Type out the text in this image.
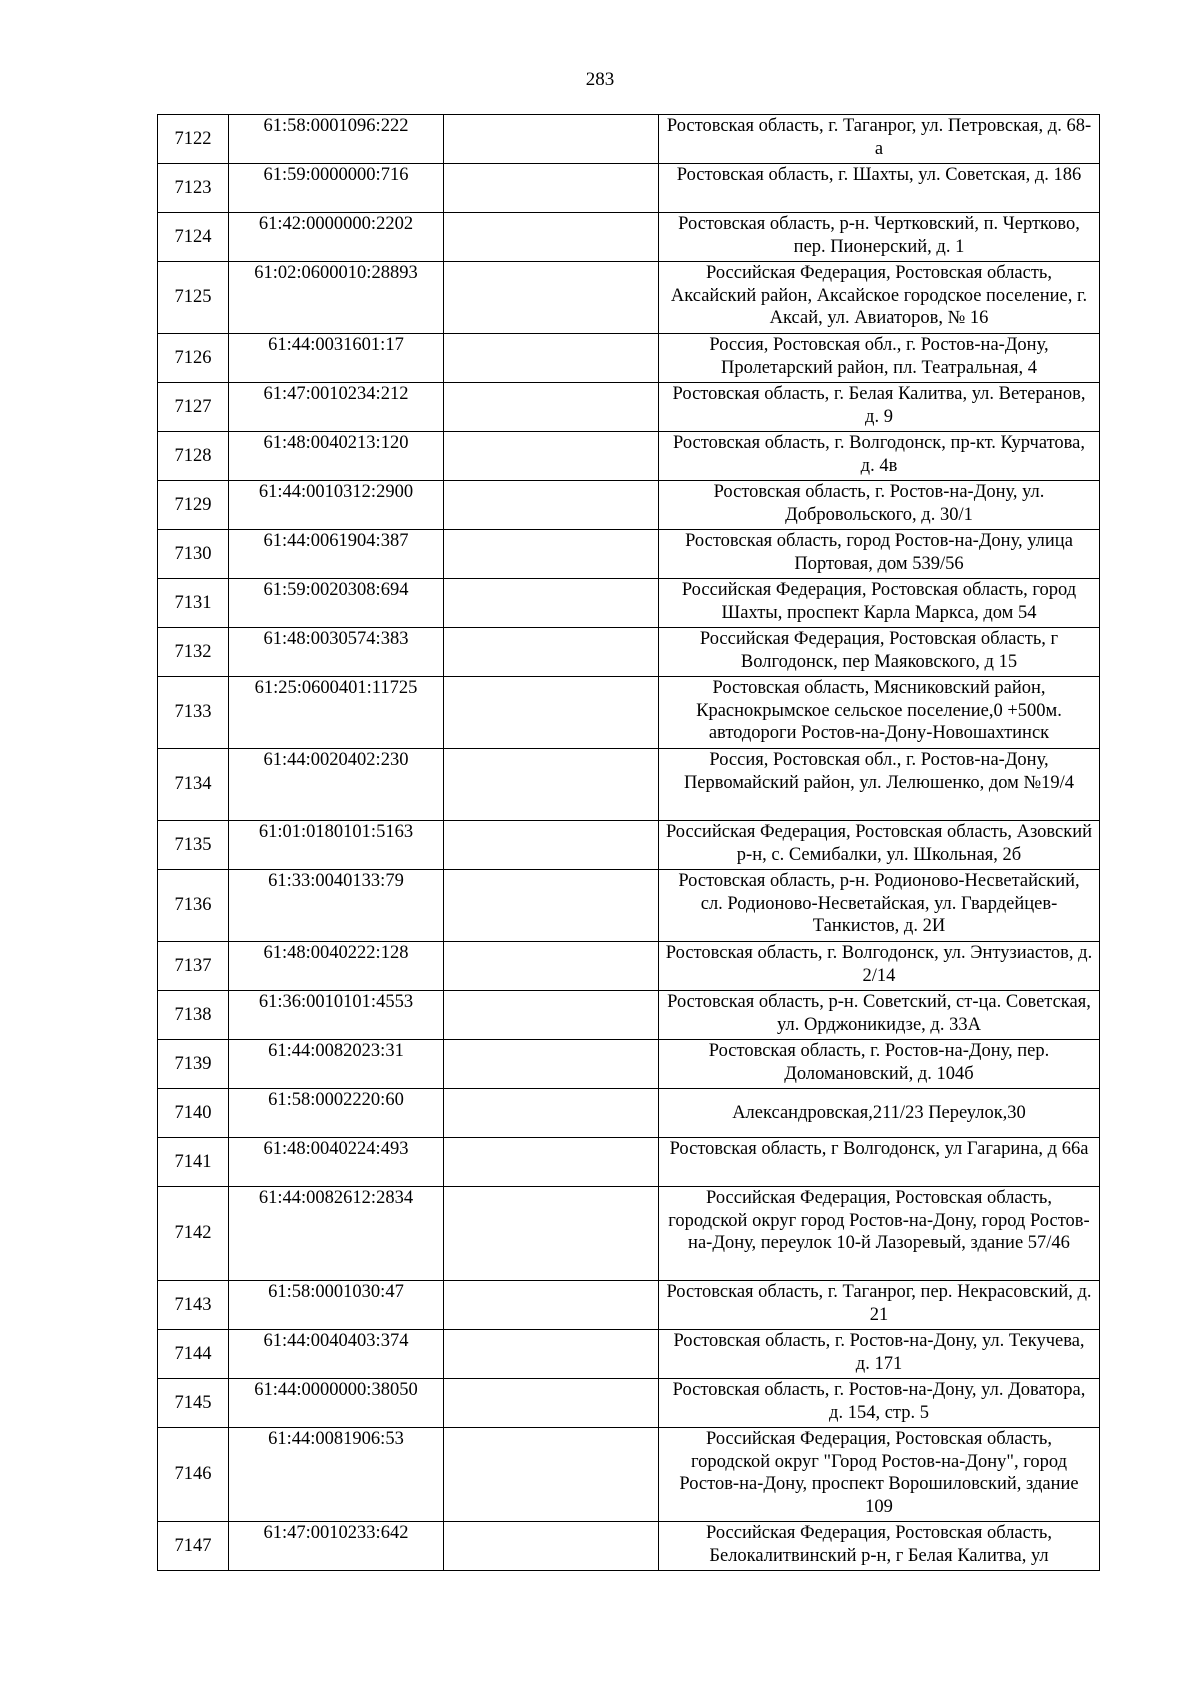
283
7122	61:58:0001096:222		Ростовская область, г. Таганрог, ул. Петровская, д. 68-а
7123	61:59:0000000:716		Ростовская область, г. Шахты, ул. Советская, д. 186
7124	61:42:0000000:2202		Ростовская область, р-н. Чертковский, п. Чертково, пер. Пионерский, д. 1
7125	61:02:0600010:28893		Российская Федерация, Ростовская область, Аксайский район, Аксайское городское поселение, г. Аксай, ул. Авиаторов, № 16
7126	61:44:0031601:17		Россия, Ростовская обл., г. Ростов-на-Дону, Пролетарский район, пл. Театральная, 4
7127	61:47:0010234:212		Ростовская область, г. Белая Калитва, ул. Ветеранов, д. 9
7128	61:48:0040213:120		Ростовская область, г. Волгодонск, пр-кт. Курчатова, д. 4в
7129	61:44:0010312:2900		Ростовская область, г. Ростов-на-Дону, ул. Добровольского, д. 30/1
7130	61:44:0061904:387		Ростовская область, город Ростов-на-Дону, улица Портовая, дом 539/56
7131	61:59:0020308:694		Российская Федерация, Ростовская область, город Шахты, проспект Карла Маркса, дом 54
7132	61:48:0030574:383		Российская Федерация, Ростовская область, г Волгодонск, пер Маяковского, д 15
7133	61:25:0600401:11725		Ростовская область, Мясниковский район, Краснокрымское сельское поселение,0 +500м. автодороги Ростов-на-Дону-Новошахтинск
7134	61:44:0020402:230		Россия, Ростовская обл., г. Ростов-на-Дону, Первомайский район, ул. Лелюшенко, дом №19/4
7135	61:01:0180101:5163		Российская Федерация, Ростовская область, Азовский р-н, с. Семибалки, ул. Школьная, 2б
7136	61:33:0040133:79		Ростовская область, р-н. Родионово-Несветайский, сл. Родионово-Несветайская, ул. Гвардейцев-Танкистов, д. 2И
7137	61:48:0040222:128		Ростовская область, г. Волгодонск, ул. Энтузиастов, д. 2/14
7138	61:36:0010101:4553		Ростовская область, р-н. Советский, ст-ца. Советская, ул. Орджоникидзе, д. 33А
7139	61:44:0082023:31		Ростовская область, г. Ростов-на-Дону, пер. Доломановский, д. 104б
7140	61:58:0002220:60		Александровская,211/23 Переулок,30
7141	61:48:0040224:493		Ростовская область, г Волгодонск, ул Гагарина, д 66а
7142	61:44:0082612:2834		Российская Федерация, Ростовская область, городской округ город Ростов-на-Дону, город Ростов-на-Дону, переулок 10-й Лазоревый, здание 57/46
7143	61:58:0001030:47		Ростовская область, г. Таганрог, пер. Некрасовский, д. 21
7144	61:44:0040403:374		Ростовская область, г. Ростов-на-Дону, ул. Текучева, д. 171
7145	61:44:0000000:38050		Ростовская область, г. Ростов-на-Дону, ул. Доватора, д. 154, стр. 5
7146	61:44:0081906:53		Российская Федерация, Ростовская область, городской округ "Город Ростов-на-Дону", город Ростов-на-Дону, проспект Ворошиловский, здание 109
7147	61:47:0010233:642		Российская Федерация, Ростовская область, Белокалитвинский р-н, г Белая Калитва, ул
